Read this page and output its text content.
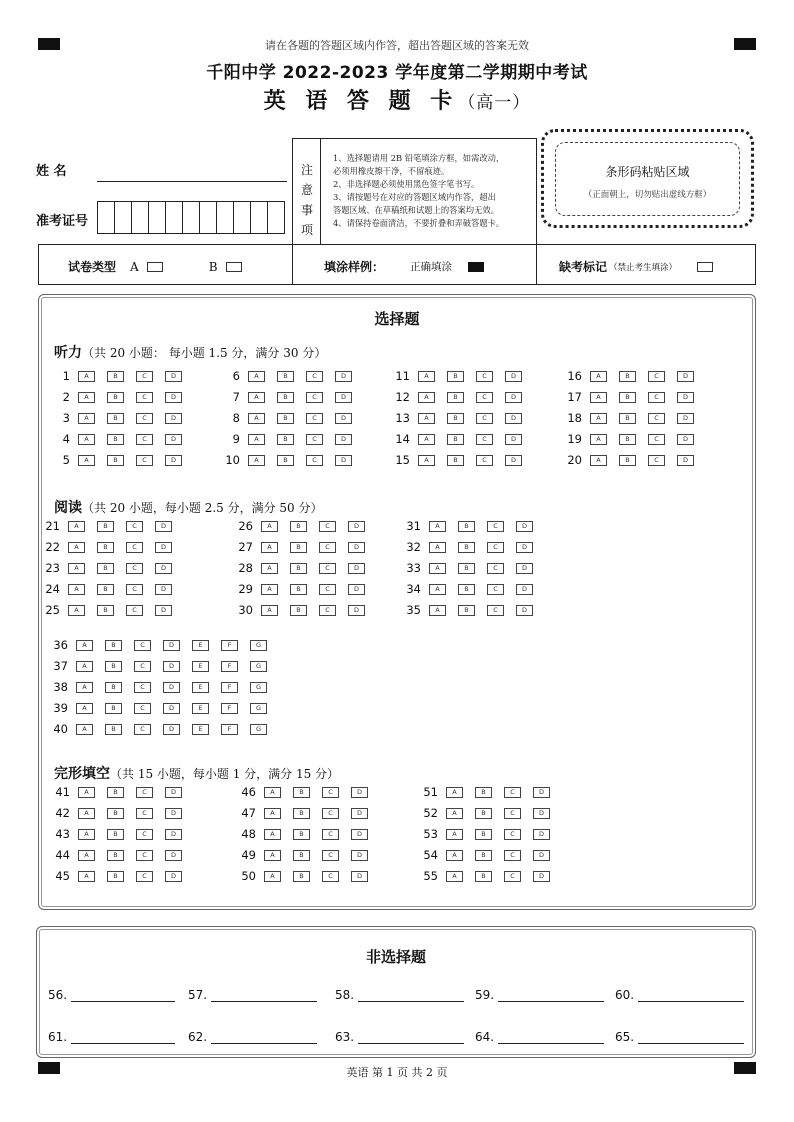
请在各题的答题区域内作答，超出答题区域的答案无效
千阳中学 2022-2023 学年度第二学期期中考试
英 语 答 题 卡（高一）
姓 名
准考证号
注
意
事
项
1、选择题请用 2B 铅笔填涂方框，如需改动，
必须用橡皮擦干净，不留痕迹。
2、非选择题必须使用黑色签字笔书写。
3、请按题号在对应的答题区域内作答，超出
答题区域、在草稿纸和试题上的答案均无效。
4、请保持卷面清洁，不要折叠和弄破答题卡。
条形码粘贴区域
（正面朝上，切勿贴出虚线方框）
试卷类型 A	B	填涂样例： 正确填涂	缺考标记 （禁止考生填涂）
选择题
听力（共 20 小题： 每小题 1.5 分，满分 30 分）
阅读（共 20 小题，每小题 2.5 分，满分 50 分）
完形填空（共 15 小题，每小题 1 分，满分 15 分）
1	A	B	C	D
2	A	B	C	D
3	A	B	C	D
4	A	B	C	D
5	A	B	C	D
6	A	B	C	D
7	A	B	C	D
8	A	B	C	D
9	A	B	C	D
10	A	B	C	D
11	A	B	C	D
12	A	B	C	D
13	A	B	C	D
14	A	B	C	D
15	A	B	C	D
16	A	B	C	D
17	A	B	C	D
18	A	B	C	D
19	A	B	C	D
20	A	B	C	D
21	A	B	C	D
22	A	B	C	D
23	A	B	C	D
24	A	B	C	D
25	A	B	C	D
26	A	B	C	D
27	A	B	C	D
28	A	B	C	D
29	A	B	C	D
30	A	B	C	D
31	A	B	C	D
32	A	B	C	D
33	A	B	C	D
34	A	B	C	D
35	A	B	C	D
36	A	B	C	D	E	F	G
37	A	B	C	D	E	F	G
38	A	B	C	D	E	F	G
39	A	B	C	D	E	F	G
40	A	B	C	D	E	F	G
41	A	B	C	D
42	A	B	C	D
43	A	B	C	D
44	A	B	C	D
45	A	B	C	D
46	A	B	C	D
47	A	B	C	D
48	A	B	C	D
49	A	B	C	D
50	A	B	C	D
51	A	B	C	D
52	A	B	C	D
53	A	B	C	D
54	A	B	C	D
55	A	B	C	D
非选择题
56.	57.	58.	59.	60.
61.	62.	63.	64.	65.
英语 第 1 页 共 2 页
